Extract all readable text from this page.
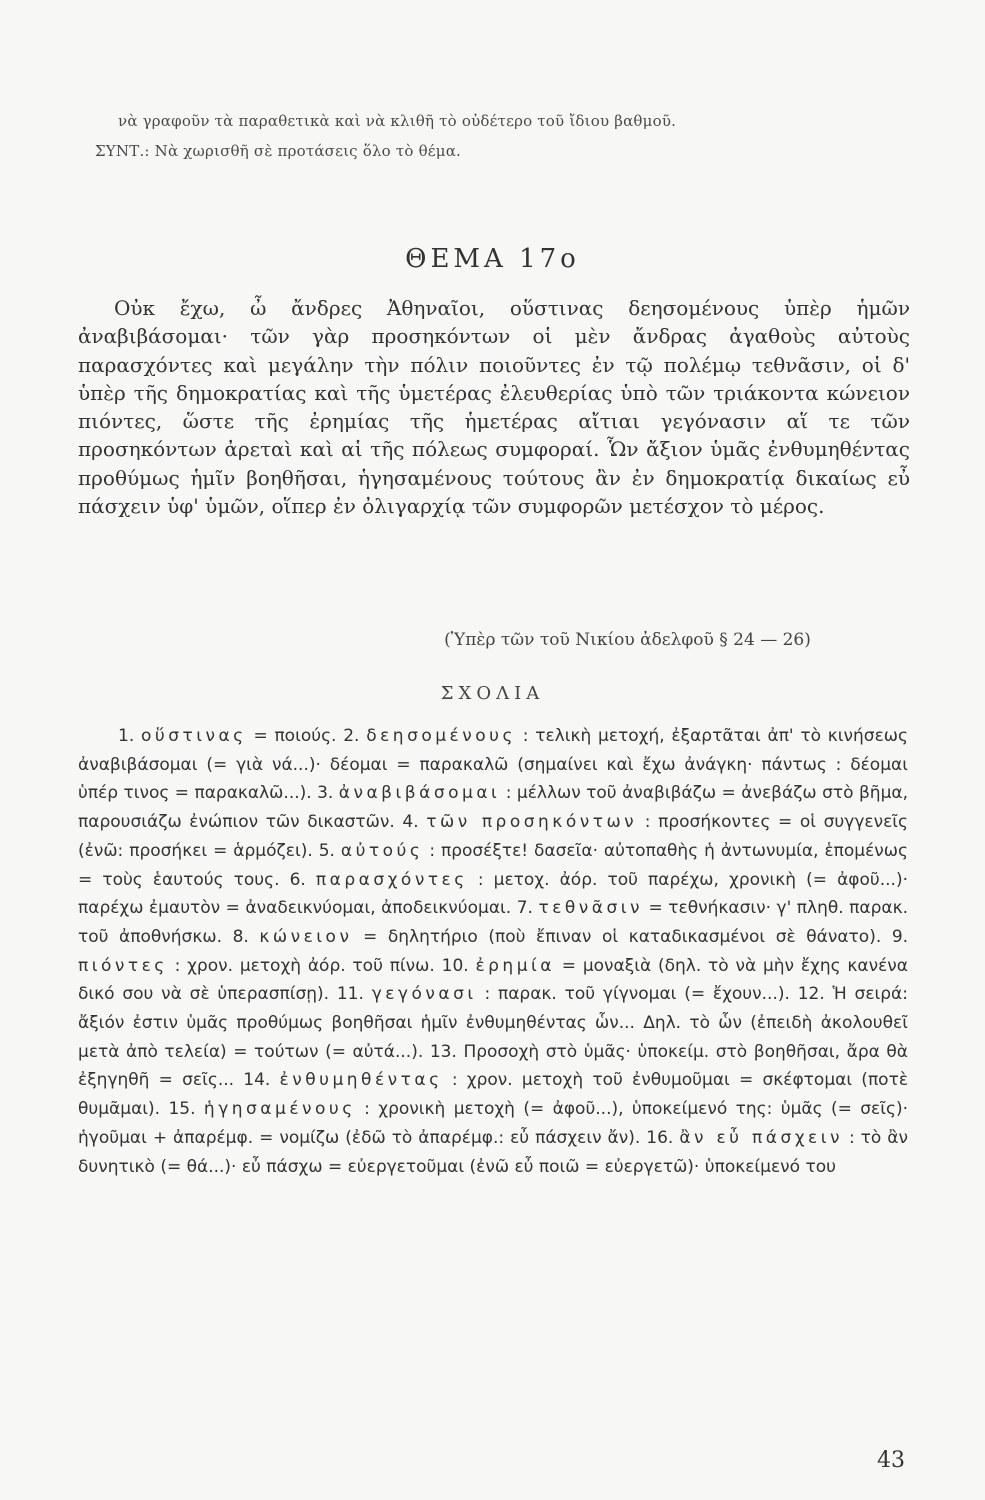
νὰ γραφοῦν τὰ παραθετικὰ καὶ νὰ κλιθῆ τὸ οὐδέτερο τοῦ ἴδιου βαθμοῦ.
ΣΥΝΤ.: Νὰ χωρισθῆ σὲ προτάσεις ὅλο τὸ θέμα.
ΘΕΜΑ 17ο
Οὐκ ἔχω, ὦ ἄνδρες Ἀθηναῖοι, οὕστινας δεησομένους ὑπὲρ ἡμῶν ἀναβιβάσομαι· τῶν γὰρ προσηκόντων οἱ μὲν ἄνδρας ἀγαθοὺς αὐτοὺς παρασχόντες καὶ μεγάλην τὴν πόλιν ποιοῦντες ἐν τῷ πολέμῳ τεθνᾶσιν, οἱ δ' ὑπὲρ τῆς δημοκρατίας καὶ τῆς ὑμετέρας ἐλευθερίας ὑπὸ τῶν τριάκοντα κώνειον πιόντες, ὥστε τῆς ἐρημίας τῆς ἡμετέρας αἴτιαι γεγόνασιν αἵ τε τῶν προσηκόντων ἀρεταὶ καὶ αἱ τῆς πόλεως συμφοραί. Ὧν ἄξιον ὑμᾶς ἐνθυμηθέντας προθύμως ἡμῖν βοηθῆσαι, ἡγησαμένους τούτους ἂν ἐν δημοκρατίᾳ δικαίως εὖ πάσχειν ὑφ' ὑμῶν, οἵπερ ἐν ὀλιγαρχίᾳ τῶν συμφορῶν μετέσχον τὸ μέρος.
(Ὑπὲρ τῶν τοῦ Νικίου ἀδελφοῦ § 24 — 26)
ΣΧΟΛΙΑ
1. οὕστινας = ποιούς. 2. δεησομένους : τελικὴ μετοχή, ἐξαρτᾶται ἀπ' τὸ κινήσεως ἀναβιβάσομαι (= γιὰ νά...)· δέομαι = παρακαλῶ (σημαίνει καὶ ἔχω ἀνάγκη· πάντως : δέομαι ὑπέρ τινος = παρακαλῶ...). 3. ἀναβιβάσομαι : μέλλων τοῦ ἀναβιβάζω = ἀνεβάζω στὸ βῆμα, παρουσιάζω ἐνώπιον τῶν δικαστῶν. 4. τῶν προσηκόντων : προσήκοντες = οἱ συγγενεῖς (ἐνῶ: προσήκει = ἁρμόζει). 5. αὐτούς : προσέξτε! δασεῖα· αὐτοπαθὴς ἡ ἀντωνυμία, ἑπομένως = τοὺς ἑαυτούς τους. 6. παρασχόντες : μετοχ. ἀόρ. τοῦ παρέχω, χρονικὴ (= ἀφοῦ...)· παρέχω ἐμαυτὸν = ἀναδεικνύομαι, ἀποδεικνύομαι. 7. τεθνᾶσιν = τεθνήκασιν· γ' πληθ. παρακ. τοῦ ἀποθνήσκω. 8. κώνειον = δηλητήριο (ποὺ ἔπιναν οἱ καταδικασμένοι σὲ θάνατο). 9. πιόντες : χρον. μετοχὴ ἀόρ. τοῦ πίνω. 10. ἐρημία = μοναξιὰ (δηλ. τὸ νὰ μὴν ἔχης κανένα δικό σου νὰ σὲ ὑπερασπίσῃ). 11. γεγόνασι : παρακ. τοῦ γίγνομαι (= ἔχουν...). 12. Ἡ σειρά: ἄξιόν ἐστιν ὑμᾶς προθύμως βοηθῆσαι ἡμῖν ἐνθυμηθέντας ὧν... Δηλ. τὸ ὧν (ἐπειδὴ ἀκολουθεῖ μετὰ ἀπὸ τελεία) = τούτων (= αὐτά...). 13. Προσοχὴ στὸ ὑμᾶς· ὑποκείμ. στὸ βοηθῆσαι, ἄρα θὰ ἐξηγηθῆ = σεῖς... 14. ἐνθυμηθέντας : χρον. μετοχὴ τοῦ ἐνθυμοῦμαι = σκέφτομαι (ποτὲ θυμᾶμαι). 15. ἡγησαμένους : χρονικὴ μετοχὴ (= ἀφοῦ...), ὑποκείμενό της: ὑμᾶς (= σεῖς)· ἡγοῦμαι + ἀπαρέμφ. = νομίζω (ἐδῶ τὸ ἀπαρέμφ.: εὖ πάσχειν ἄν). 16. ἂν εὖ πάσχειν : τὸ ἂν δυνητικὸ (= θά...)· εὖ πάσχω = εὐεργετοῦμαι (ἐνῶ εὖ ποιῶ = εὐεργετῶ)· ὑποκείμενό του
43
